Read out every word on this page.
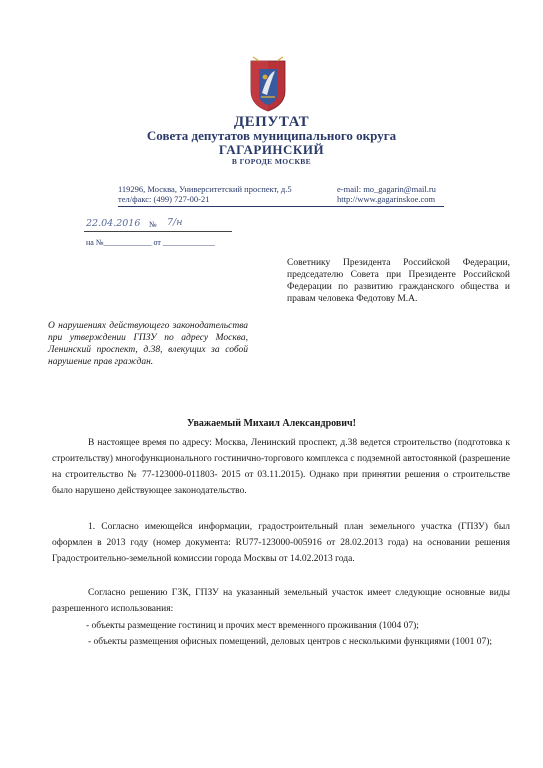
ДЕПУТАТ
Совета депутатов муниципального округа
ГАГАРИНСКИЙ
В ГОРОДЕ МОСКВЕ
119296, Москва, Университетский проспект, д.5
тел/факс: (499) 727-00-21
e-mail: mo_gagarin@mail.ru
http://www.gagarinskoe.com
22.04.2016 № 7/н
на №____________ от _____________
Советнику Президента Российской Федерации, председателю Совета при Президенте Российской Федерации по развитию гражданского общества и правам человека Федотову М.А.
О нарушениях действующего законодательства при утверждении ГПЗУ по адресу Москва, Ленинский проспект, д.38, влекущих за собой нарушение прав граждан.
Уважаемый Михаил Александрович!
В настоящее время по адресу: Москва, Ленинский проспект, д.38 ведется строительство (подготовка к строительству) многофункционального гостинично-торгового комплекса с подземной автостоянкой (разрешение на строительство № 77-123000-011803- 2015 от 03.11.2015). Однако при принятии решения о строительстве было нарушено действующее законодательство.
1. Согласно имеющейся информации, градостроительный план земельного участка (ГПЗУ) был оформлен в 2013 году (номер документа: RU77-123000-005916 от 28.02.2013 года) на основании решения Градостроительно-земельной комиссии города Москвы от 14.02.2013 года.
Согласно решению ГЗК, ГПЗУ на указанный земельный участок имеет следующие основные виды разрешенного использования:
- объекты размещение гостиниц и прочих мест временного проживания (1004 07);
- объекты размещения офисных помещений, деловых центров с несколькими функциями (1001 07);
